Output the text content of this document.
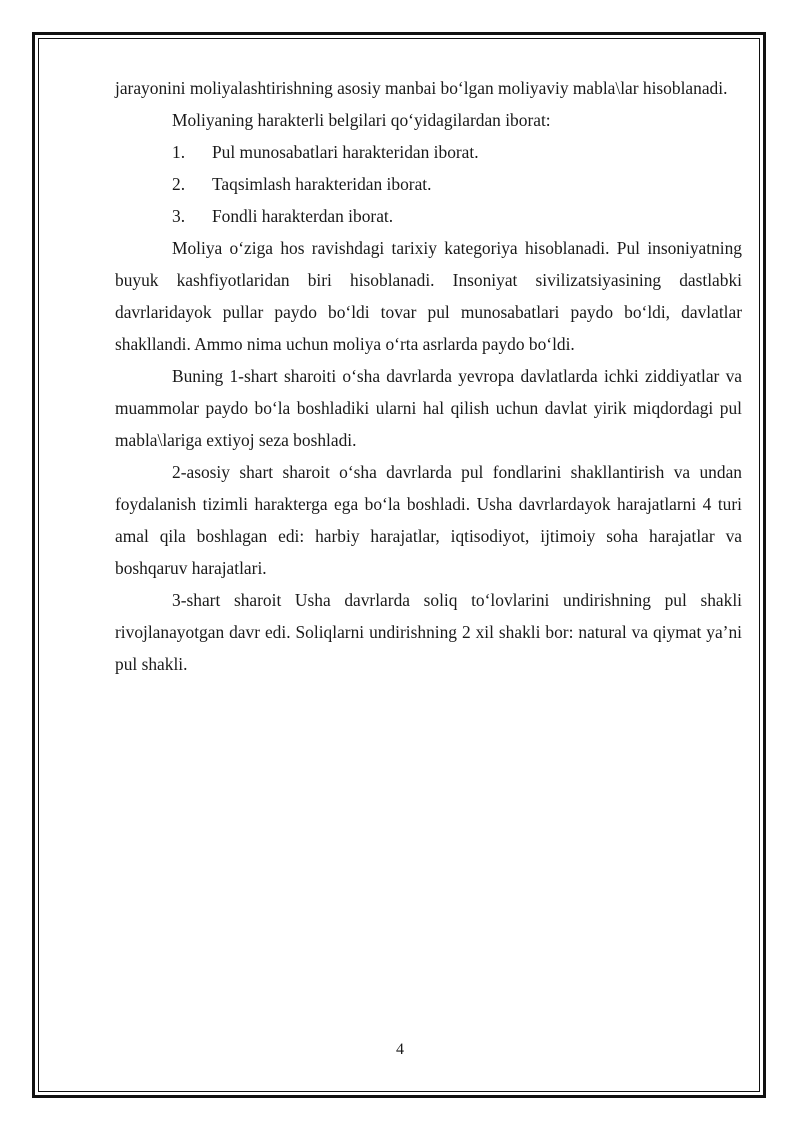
jarayonini moliyalashtirishning asosiy manbai bo‘lgan moliyaviy mabla\lar hisoblanadi.

Moliyaning harakterli belgilari qo‘yidagilardan iborat:

1.	Pul munosabatlari harakteridan iborat.
2.	Taqsimlash harakteridan iborat.
3.	Fondli harakterdan iborat.

Moliya o‘ziga hos ravishdagi tarixiy kategoriya hisoblanadi. Pul insoniyatning buyuk kashfiyotlaridan biri hisoblanadi. Insoniyat sivilizatsiyasining dastlabki davrlaridayok pullar paydo bo‘ldi tovar pul munosabatlari paydo bo‘ldi, davlatlar shakllandi. Ammo nima uchun moliya o‘rta asrlarda paydo bo‘ldi.

Buning 1-shart sharoiti o‘sha davrlarda yevropa davlatlarda ichki ziddiyatlar va muammolar paydo bo‘la boshladiki ularni hal qilish uchun davlat yirik miqdordagi pul mabla\lariga extiyoj seza boshladi.

2-asosiy shart sharoit o‘sha davrlarda pul fondlarini shakllantirish va undan foydalanish tizimli harakterga ega bo‘la boshladi. Usha davrlardayok harajatlarni 4 turi amal qila boshlagan edi: harbiy harajatlar, iqtisodiyot, ijtimoiy soha harajatlar va boshqaruv harajatlari.

3-shart sharoit Usha davrlarda soliq to‘lovlarini undirishning pul shakli rivojlanayotgan davr edi. Soliqlarni undirishning 2 xil shakli bor: natural va qiymat ya’ni pul shakli.

4
